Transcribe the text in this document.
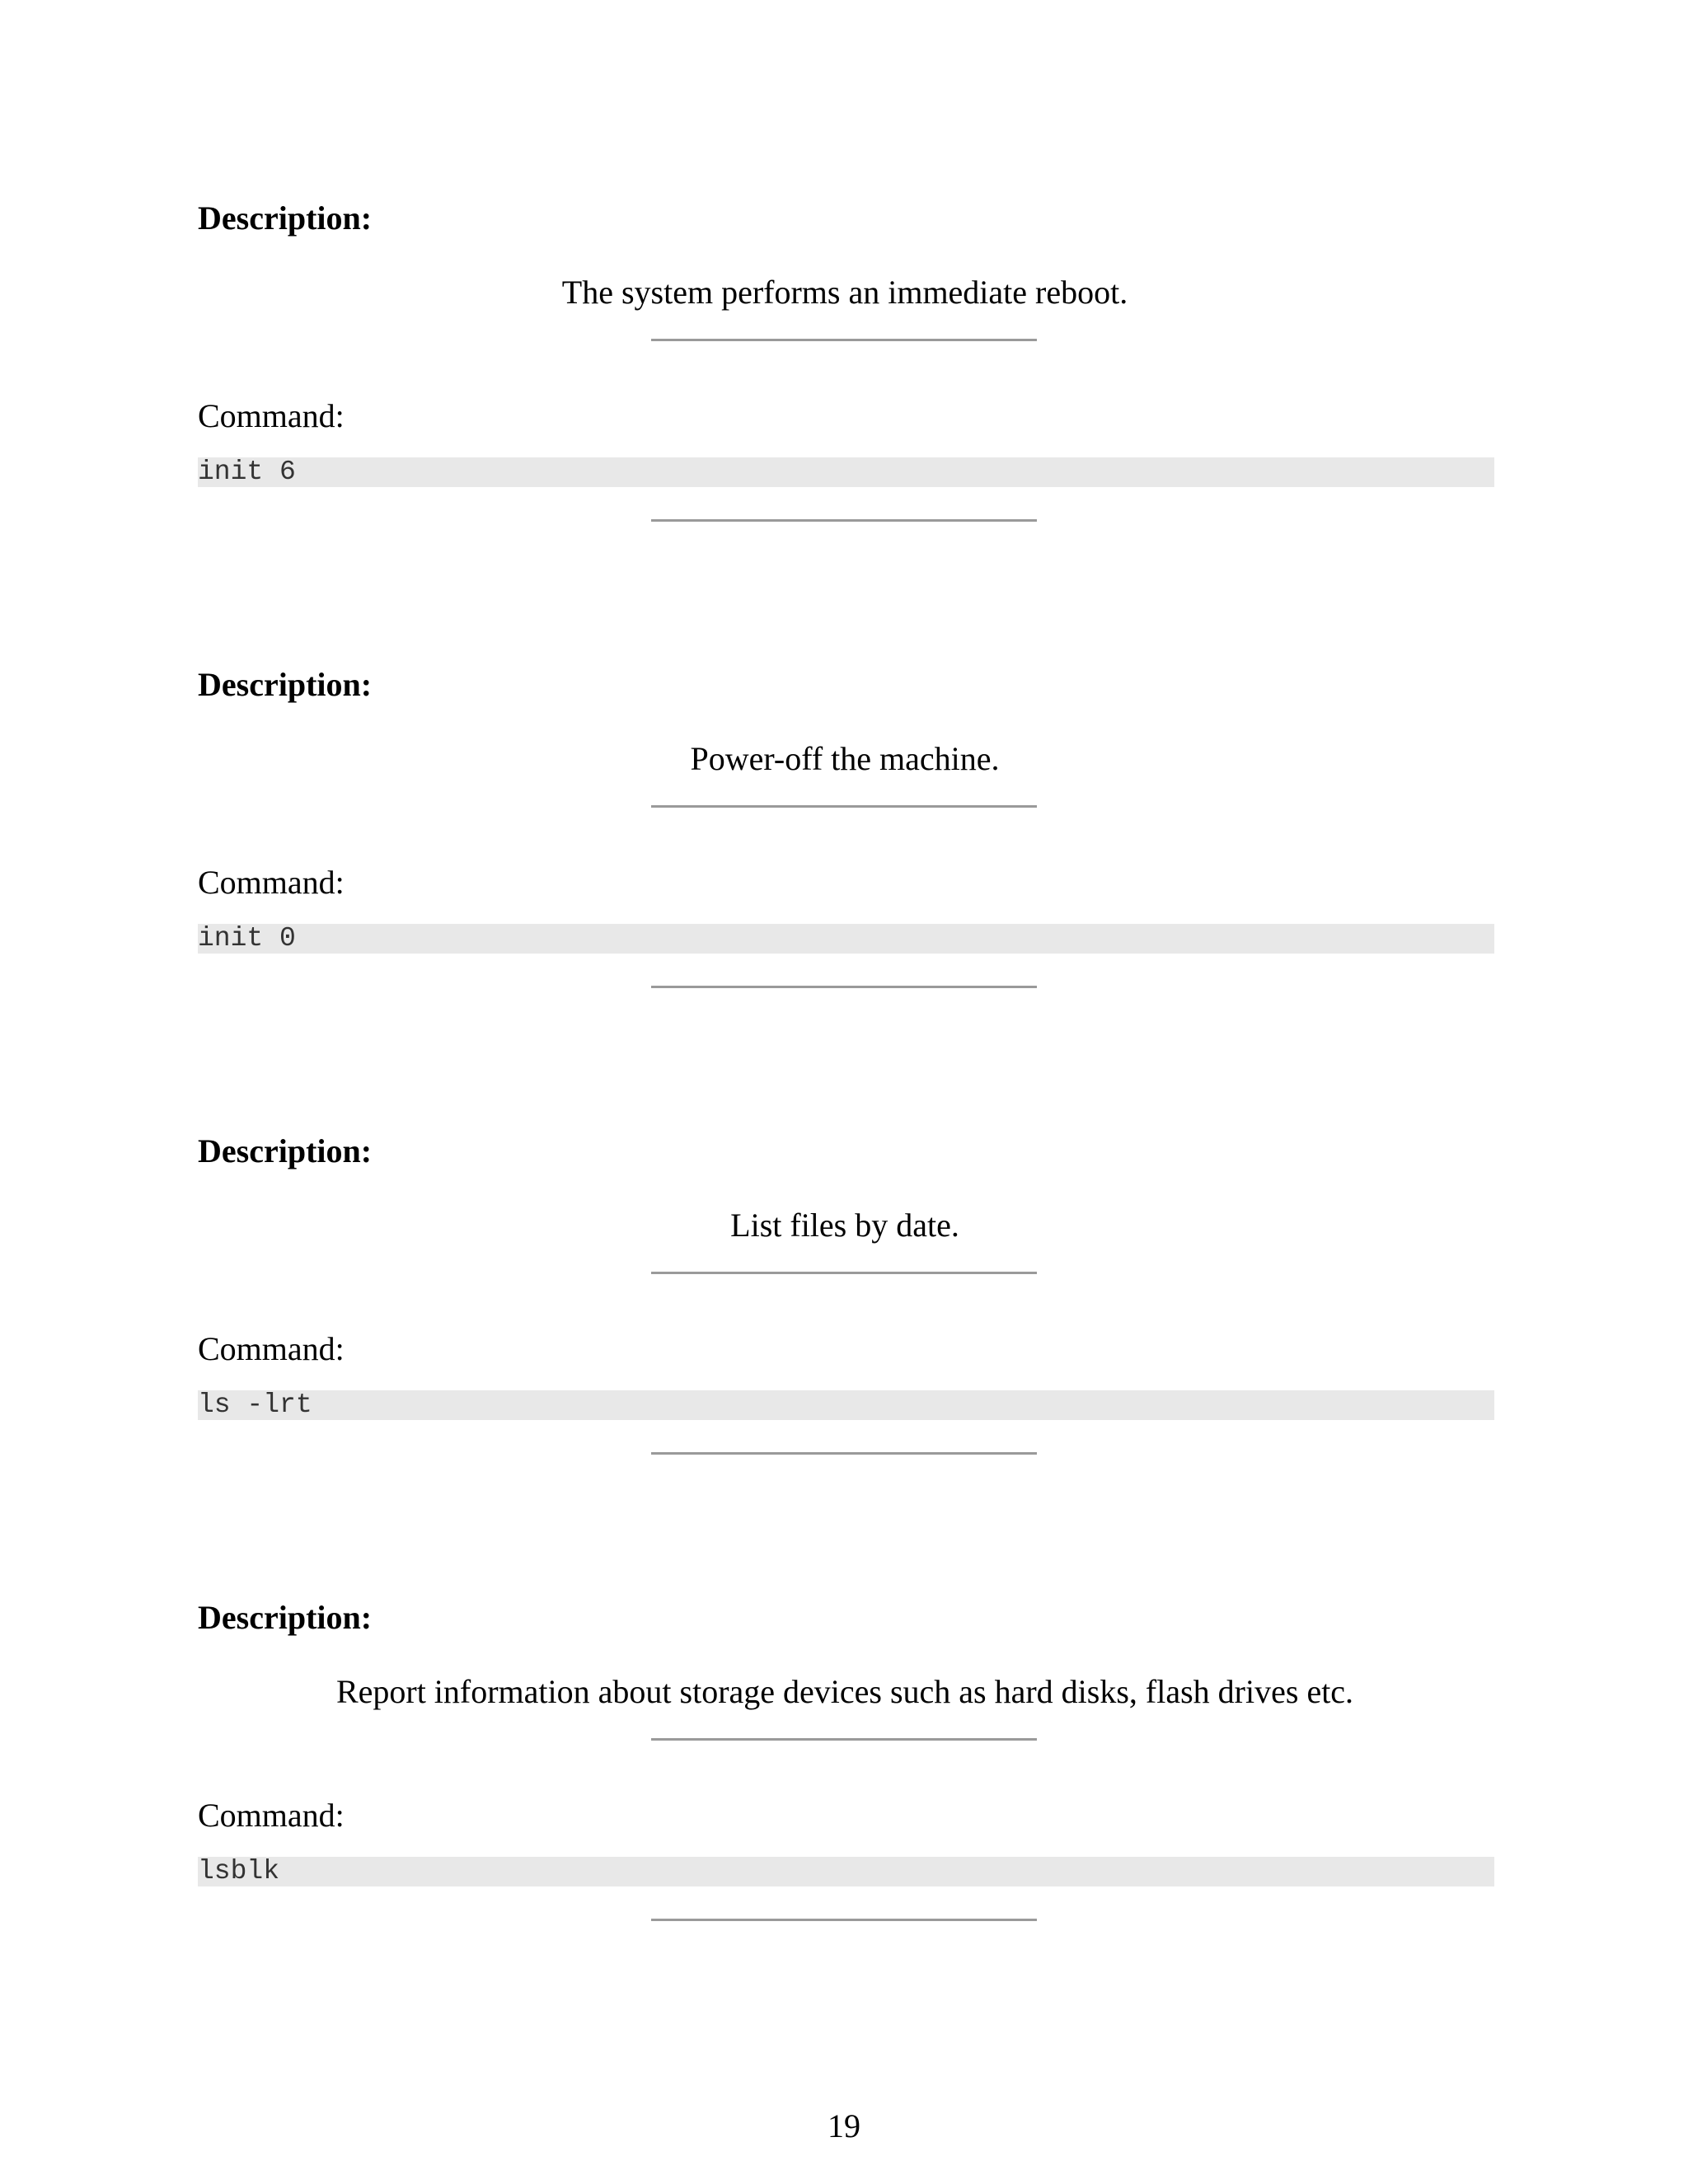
Description:
The system performs an immediate reboot.
Command:
init 6
Description:
Power-off the machine.
Command:
init 0
Description:
List files by date.
Command:
ls -lrt
Description:
Report information about storage devices such as hard disks, flash drives etc.
Command:
lsblk
19
